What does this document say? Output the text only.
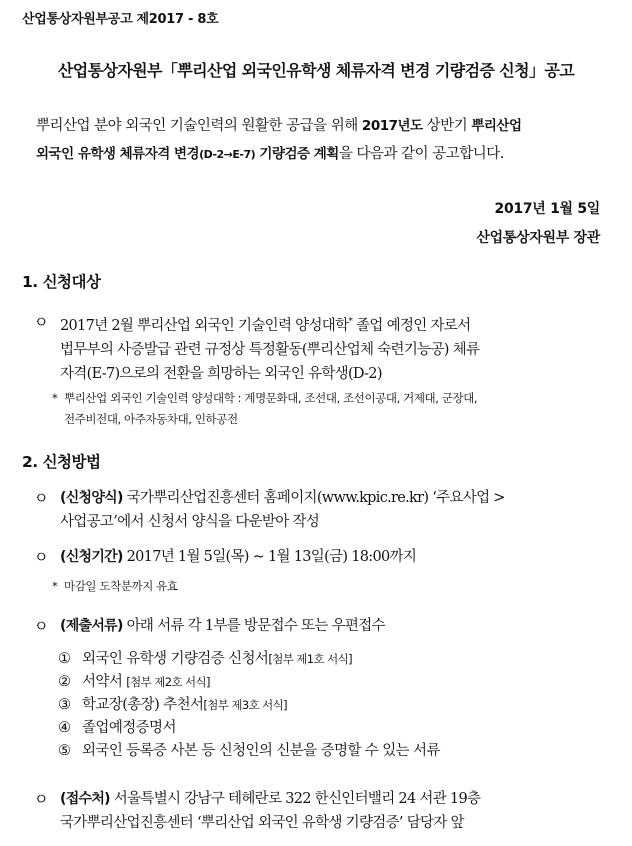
산업통상자원부공고 제2017 - 8호
산업통상자원부「뿌리산업 외국인유학생 체류자격 변경 기량검증 신청」공고
뿌리산업 분야 외국인 기술인력의 원활한 공급을 위해 2017년도 상반기 뿌리산업
외국인 유학생 체류자격 변경(D-2→E-7) 기량검증 계획을 다음과 같이 공고합니다.
2017년 1월 5일
산업통상자원부 장관
1. 신청대상
ㅇ 2017년 2월 뿌리산업 외국인 기술인력 양성대학* 졸업 예정인 자로서
법무부의 사증발급 관련 규정상 특정활동(뿌리산업체 숙련기능공) 체류
자격(E-7)으로의 전환을 희망하는 외국인 유학생(D-2)
* 뿌리산업 외국인 기술인력 양성대학 : 계명문화대, 조선대, 조선이공대, 거제대, 군장대,
전주비전대, 아주자동차대, 인하공전
2. 신청방법
ㅇ (신청양식) 국가뿌리산업진흥센터 홈페이지(www.kpic.re.kr) ‘주요사업 >
사업공고’에서 신청서 양식을 다운받아 작성
ㅇ (신청기간) 2017년 1월 5일(목) ~ 1월 13일(금) 18:00까지
* 마감일 도착분까지 유효
ㅇ (제출서류) 아래 서류 각 1부를 방문접수 또는 우편접수
① 외국인 유학생 기량검증 신청서[첨부 제1호 서식]
② 서약서 [첨부 제2호 서식]
③ 학교장(총장) 추천서[첨부 제3호 서식]
④ 졸업예정증명서
⑤ 외국인 등록증 사본 등 신청인의 신분을 증명할 수 있는 서류
ㅇ (접수처) 서울특별시 강남구 테헤란로 322 한신인터밸리 24 서관 19층
국가뿌리산업진흥센터 ‘뿌리산업 외국인 유학생 기량검증’ 담당자 앞
